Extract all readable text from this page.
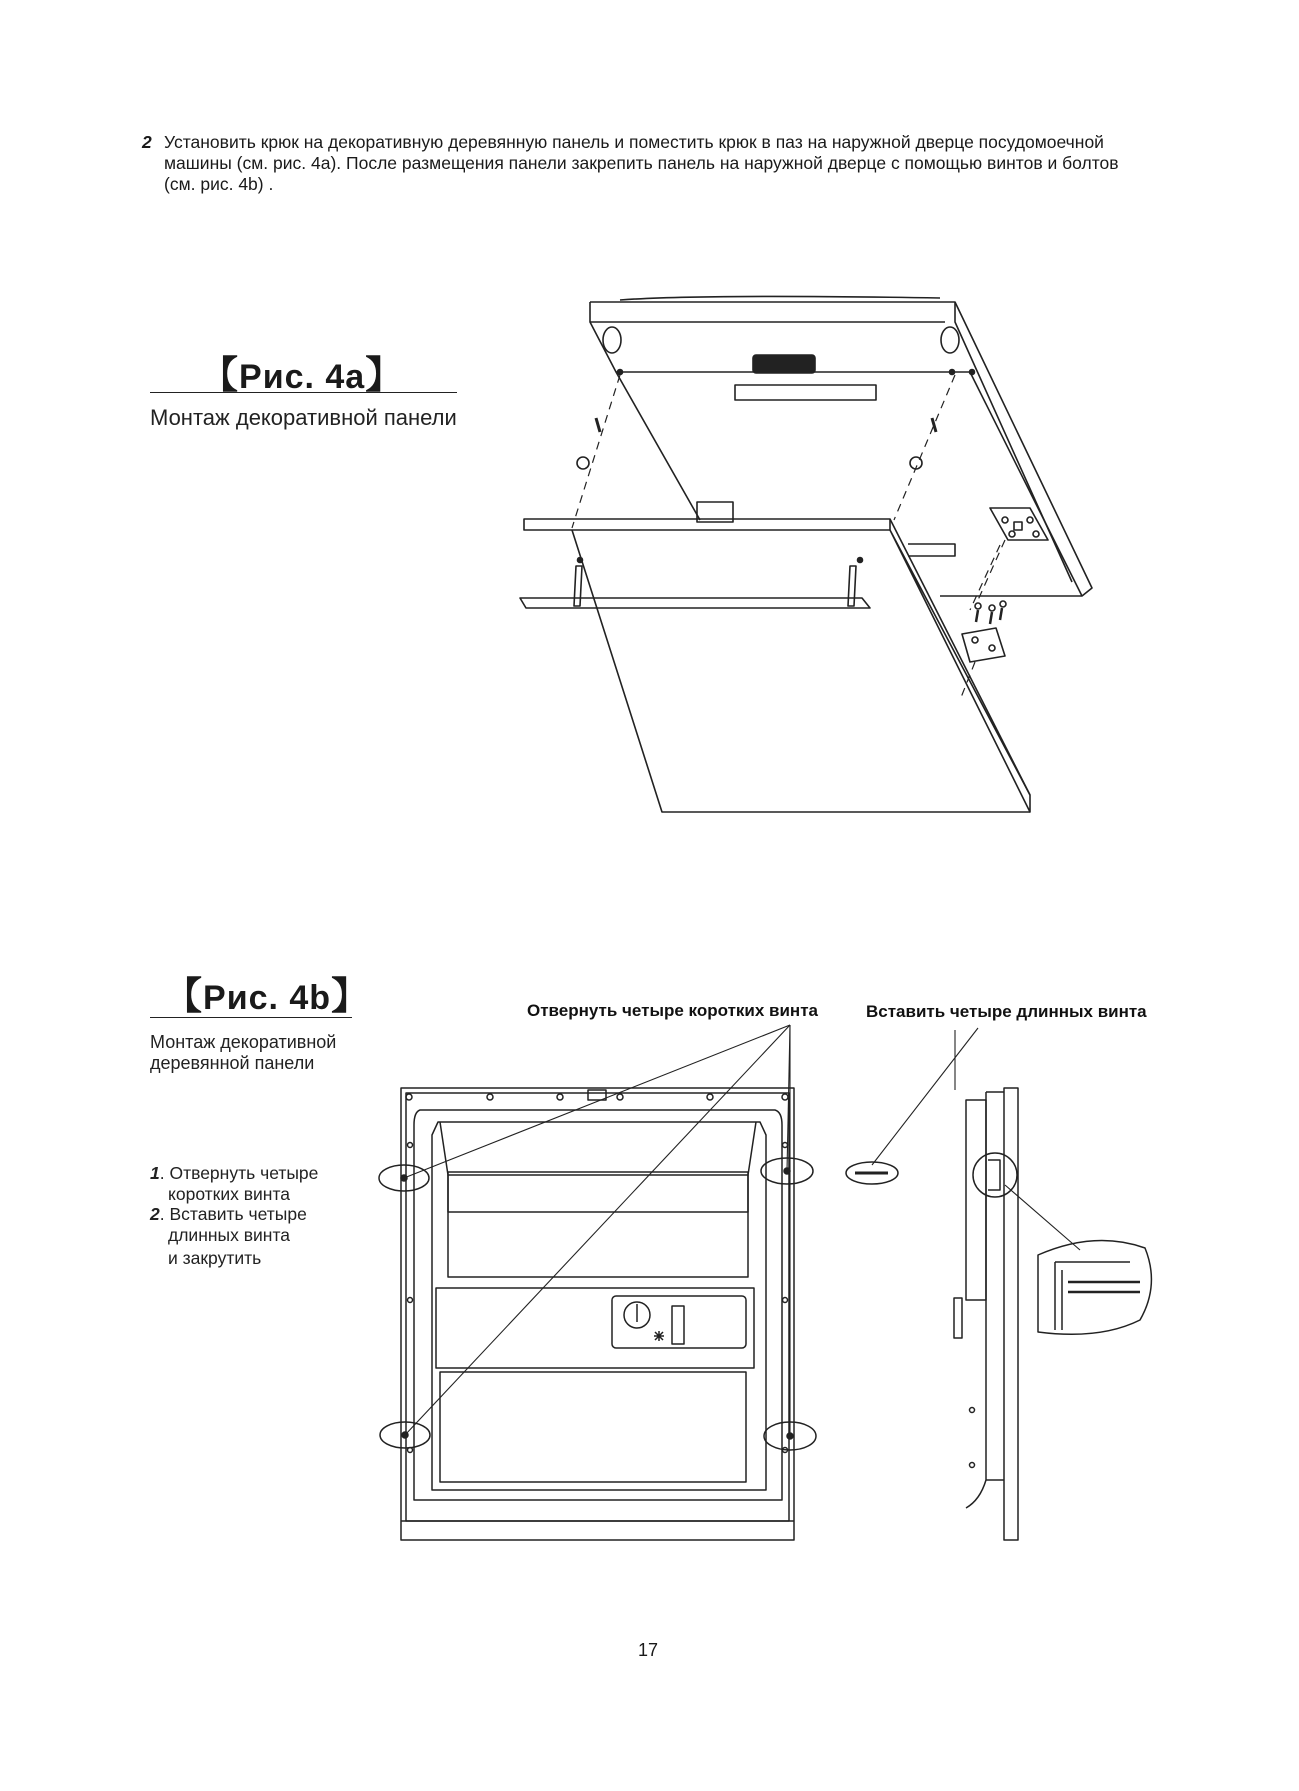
2 Установить крюк на декоративную деревянную панель и поместить крюк в паз на наружной дверце посудомоечной
машины (см. рис. 4a). После размещения панели закрепить панель на наружной дверце с помощью винтов и болтов
(см. рис. 4b) .
【Рис. 4a】
Монтаж декоративной панели
【Рис. 4b】
Монтаж декоративной
деревянной панели
1. Отвернуть четыре
коротких винта
2. Вставить четыре
длинных винта
и закрутить
Отвернуть четыре коротких винта	Вставить четыре длинных винта
17
